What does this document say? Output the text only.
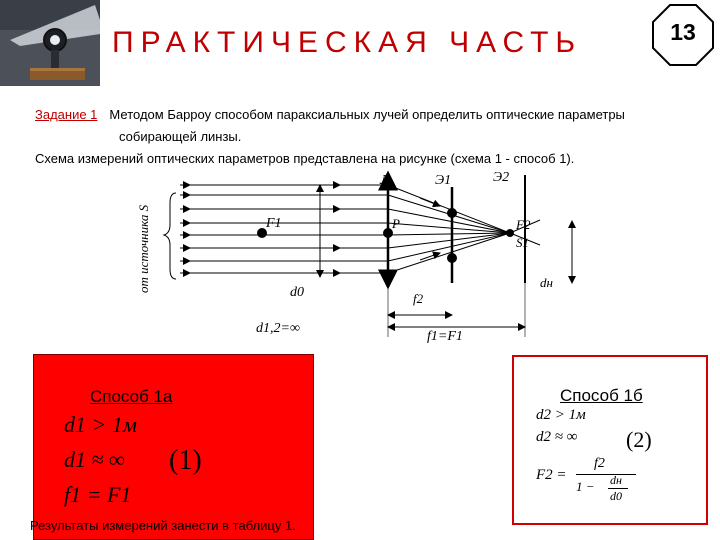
ПРАКТИЧЕСКАЯ ЧАСТЬ	13
Задание 1 Методом Барроу способом параксиальных лучей определить оптические параметры
собирающей линзы.
Схема измерений оптических параметров представлена на рисунке (схема 1 - способ 1).
от источника S
Л	Э1	Э2
F1	P	F2
S1
d0	f2
dн
d1,2=∞
f1=F1
Способ 1а
d1 > 1м
d1 ≈ ∞
f1 = F1
(1)
Результаты измерений занести в таблицу 1.
Способ 1б
d2 > 1м
d2 ≈ ∞ (2)
F2 =
f2
1 − dн
d0
